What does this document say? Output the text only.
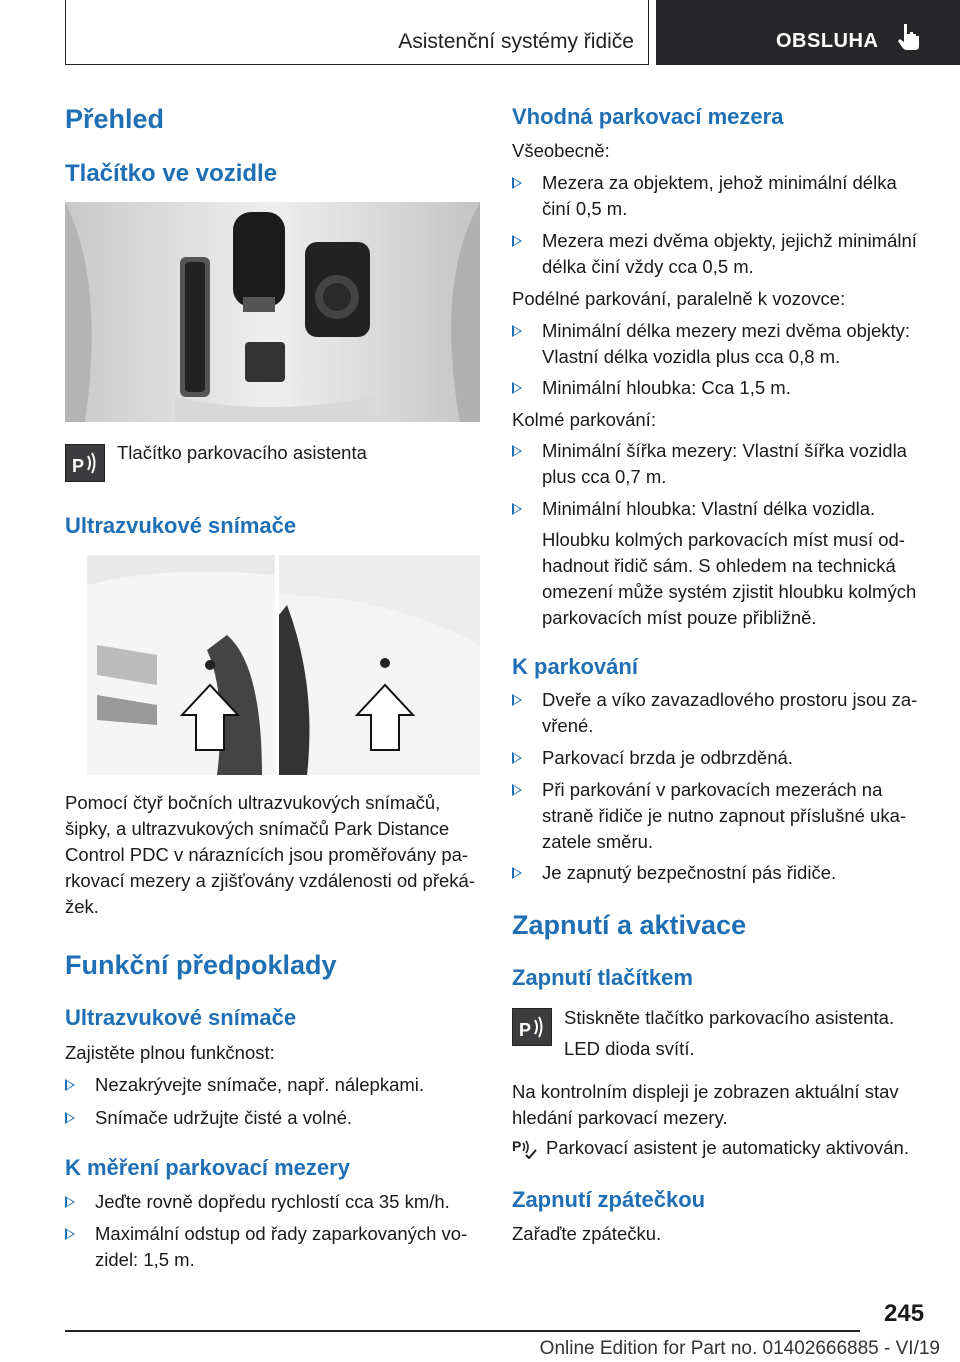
Asistenční systémy řidiče	OBSLUHA
Přehled
Tlačítko ve vozidle
P
Tlačítko parkovacího asistenta
Ultrazvukové snímače
Pomocí čtyř bočních ultrazvukových snímačů,
šipky, a ultrazvukových snímačů Park Distance
Control PDC v náraznících jsou proměřovány pa-
rkovací mezery a zjišťovány vzdálenosti od překá-
žek.
Funkční předpoklady
Ultrazvukové snímače
Zajistěte plnou funkčnost:
Nezakrývejte snímače, např. nálepkami.
Snímače udržujte čisté a volné.
K měření parkovací mezery
Jeďte rovně dopředu rychlostí cca 35 km/h.
Maximální odstup od řady zaparkovaných vo-
zidel: 1,5 m.
Vhodná parkovací mezera
Všeobecně:
Mezera za objektem, jehož minimální délka
činí 0,5 m.
Mezera mezi dvěma objekty, jejichž minimální
délka činí vždy cca 0,5 m.
Podélné parkování, paralelně k vozovce:
Minimální délka mezery mezi dvěma objekty:
Vlastní délka vozidla plus cca 0,8 m.
Minimální hloubka: Cca 1,5 m.
Kolmé parkování:
Minimální šířka mezery: Vlastní šířka vozidla
plus cca 0,7 m.
Minimální hloubka: Vlastní délka vozidla.
Hloubku kolmých parkovacích míst musí od-
hadnout řidič sám. S ohledem na technická
omezení může systém zjistit hloubku kolmých
parkovacích míst pouze přibližně.
K parkování
Dveře a víko zavazadlového prostoru jsou za-
vřené.
Parkovací brzda je odbrzděná.
Při parkování v parkovacích mezerách na
straně řidiče je nutno zapnout příslušné uka-
zatele směru.
Je zapnutý bezpečnostní pás řidiče.
Zapnutí a aktivace
Zapnutí tlačítkem
P
Stiskněte tlačítko parkovacího asistenta.
LED dioda svítí.
Na kontrolním displeji je zobrazen aktuální stav
hledání parkovací mezery.
P Parkovací asistent je automaticky aktivován.
Zapnutí zpátečkou
Zařaďte zpátečku.
245
Online Edition for Part no. 01402666885 - VI/19
